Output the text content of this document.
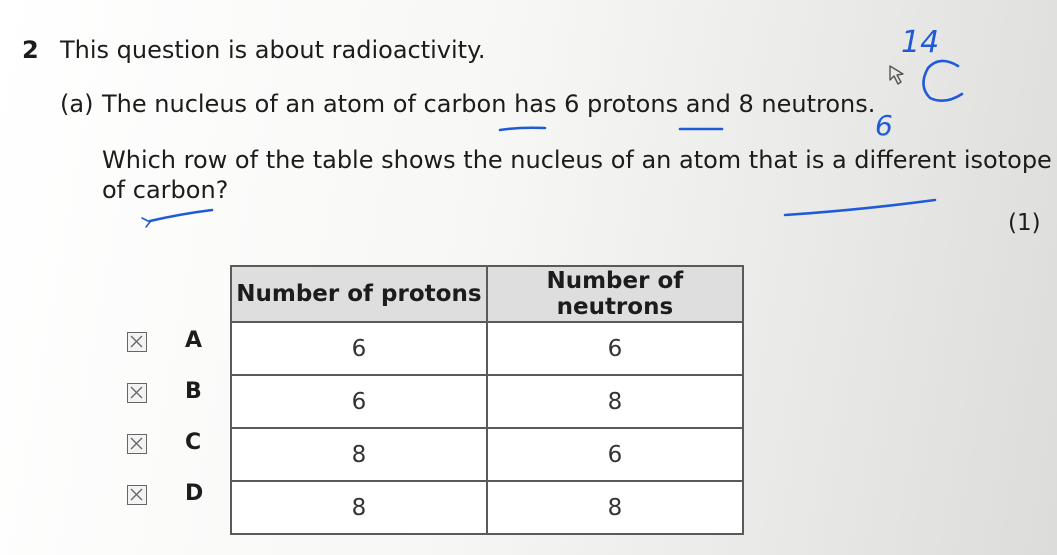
2 This question is about radioactivity.
(a) The nucleus of an atom of carbon has 6 protons and 8 neutrons.
Which row of the table shows the nucleus of an atom that is a different isotope
of carbon?
(1)
Number of protons	Number of neutrons
6	6
6	8
8	6
8	8
A
B
C
D
14
6
